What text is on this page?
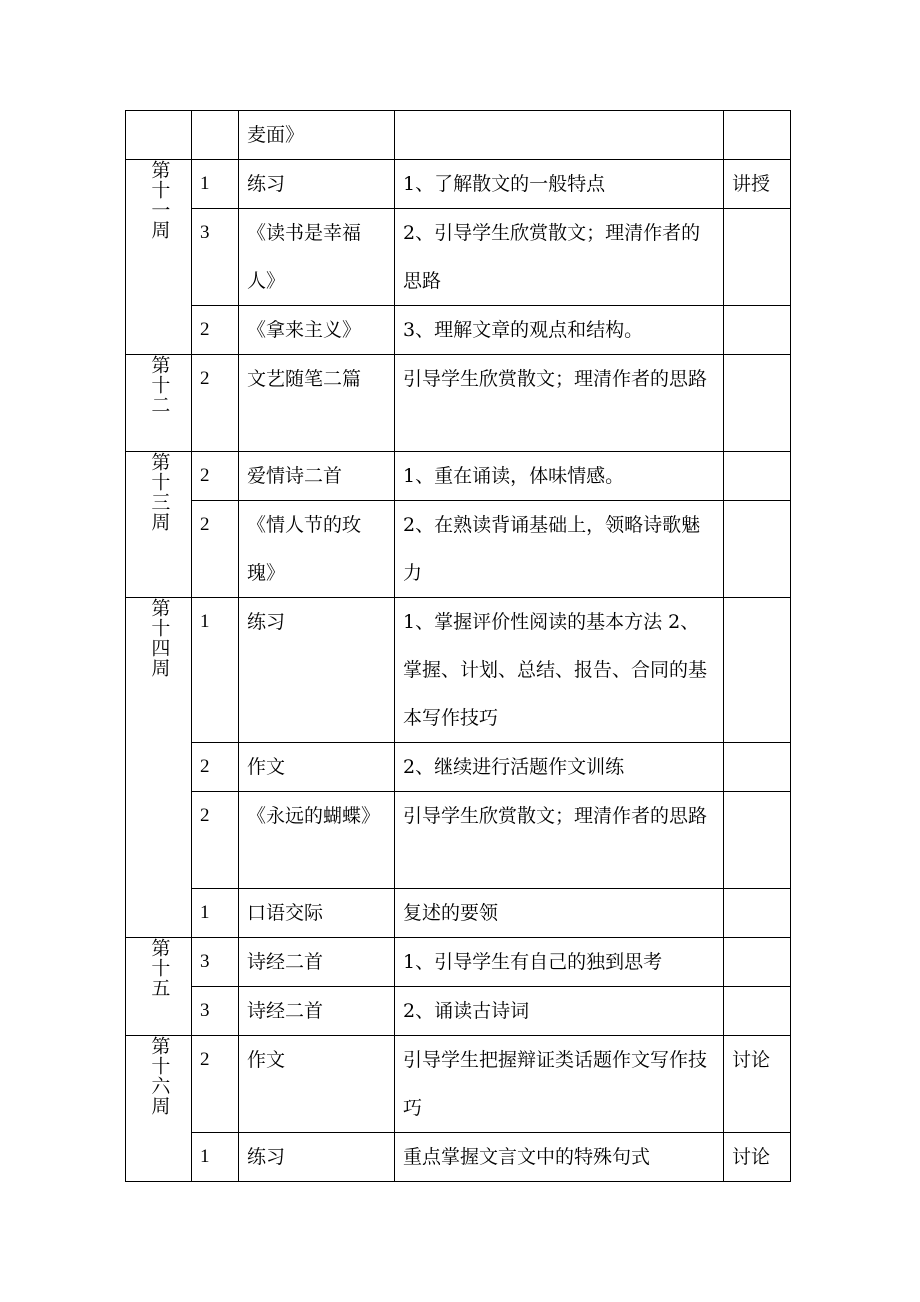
		麦面》		
第十一周	1	练习	1、了解散文的一般特点	讲授
	3	《读书是幸福人》	2、引导学生欣赏散文；理清作者的思路	
	2	《拿来主义》	3、理解文章的观点和结构。	
第十二	2	文艺随笔二篇	引导学生欣赏散文；理清作者的思路	
第十三周	2	爱情诗二首	1、重在诵读，体味情感。	
	2	《情人节的玫瑰》	2、在熟读背诵基础上，领略诗歌魅力	
第十四周	1	练习	1、掌握评价性阅读的基本方法 2、掌握、计划、总结、报告、合同的基本写作技巧	
	2	作文	2、继续进行活题作文训练	
	2	《永远的蝴蝶》	引导学生欣赏散文；理清作者的思路	
	1	口语交际	复述的要领	
第十五	3	诗经二首	1、引导学生有自己的独到思考	
	3	诗经二首	2、诵读古诗词	
第十六周	2	作文	引导学生把握辩证类话题作文写作技巧	讨论
	1	练习	重点掌握文言文中的特殊句式	讨论
